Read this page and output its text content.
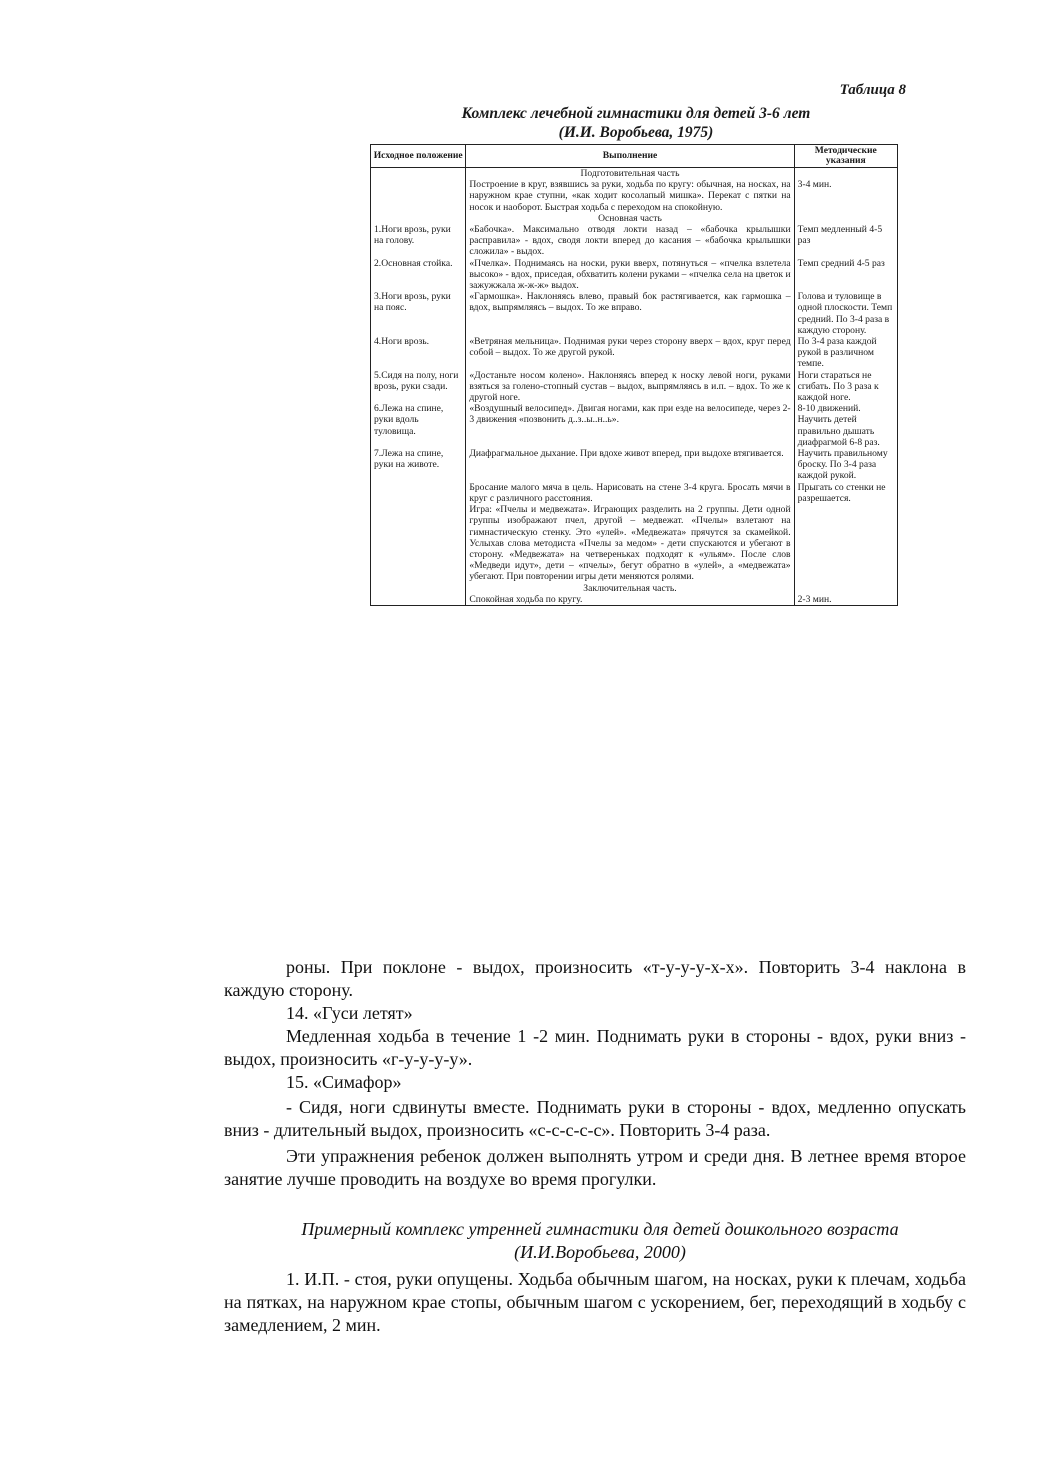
Таблица 8
Комплекс лечебной гимнастики для детей 3-6 лет
(И.И. Воробьева, 1975)
Исходное положение	Выполнение	Методические указания

	Подготовительная часть	

	Построение в круг, взявшись за руки, ходьба по кругу: обычная, на носках, на наружном крае ступни, «как ходит косолапый мишка». Перекат с пятки на носок и наоборот. Быстрая ходьба с переходом на спокойную.	3-4 мин.

	Основная часть	

1.Ноги врозь, руки на голову.	«Бабочка». Максимально отводя локти назад – «бабочка крылышки расправила» - вдох, сводя локти вперед до касания – «бабочка крылышки сложила» - выдох.	Темп медленный 4-5 раз
2.Основная стойка.	«Пчелка». Поднимаясь на носки, руки вверх, потянуться – «пчелка взлетела высоко» - вдох, приседая, обхватить колени руками – «пчелка села на цветок и зажужжала ж-ж-ж» выдох.	Темп средний 4-5 раз
3.Ноги врозь, руки на пояс.	«Гармошка». Наклоняясь влево, правый бок растягивается, как гармошка – вдох, выпрямляясь – выдох. То же вправо.	Голова и туловище в одной плоскости. Темп средний. По 3-4 раза в каждую сторону.
4.Ноги врозь.	«Ветряная мельница». Поднимая руки через сторону вверх – вдох, круг перед собой – выдох. То же другой рукой.	По 3-4 раза каждой рукой в различном темпе.
5.Сидя на полу, ноги врозь, руки сзади.	«Достаньте носом колено». Наклоняясь вперед к носку левой ноги, руками взяться за голено-стопный сустав – выдох, выпрямляясь в и.п. – вдох. То же к другой ноге.	Ноги стараться не сгибать. По 3 раза к каждой ноге.
6.Лежа на спине, руки вдоль туловища.	«Воздушный велосипед». Двигая ногами, как при езде на велосипеде, через 2-3 движения «позвонить д..з..ы..н..ь».	8-10 движений. Научить детей правильно дышать диафрагмой 6-8 раз.
7.Лежа на спине, руки на животе.	Диафрагмальное дыхание. При вдохе живот вперед, при выдохе втягивается.	Научить правильному броску. По 3-4 раза каждой рукой.
	Бросание малого мяча в цель. Нарисовать на стене 3-4 круга. Бросать мячи в круг с различного расстояния.	Прыгать со стенки не разрешается.
	Игра: «Пчелы и медвежата». Играющих разделить на 2 группы. Дети одной группы изображают пчел, другой – медвежат. «Пчелы» взлетают на гимнастическую стенку. Это «улей». «Медвежата» прячутся за скамейкой. Услыхав слова методиста «Пчелы за медом» - дети спускаются и убегают в сторону. «Медвежата» на четвереньках подходят к «ульям». После слов «Медведи идут», дети – «пчелы», бегут обратно в «улей», а «медвежата» убегают. При повторении игры дети меняются ролями.	

	Заключительная часть.	

	Спокойная ходьба по кругу.	2-3 мин.
роны. При поклоне - выдох, произносить «т-у-у-у-х-х». Повторить 3-4 наклона в каждую сторону.
14. «Гуси летят»
Медленная ходьба в течение 1 -2 мин. Поднимать руки в стороны - вдох, руки вниз - выдох, произносить «г-у-у-у-у».
15. «Симафор»
- Сидя, ноги сдвинуты вместе. Поднимать руки в стороны - вдох, медленно опускать вниз - длительный выдох, произносить «с-с-с-с-с». Повторить 3-4 раза.
Эти упражнения ребенок должен выполнять утром и среди дня. В летнее время второе занятие лучше проводить на воздухе во время прогулки.
Примерный комплекс утренней гимнастики для детей дошкольного возраста (И.И.Воробьева, 2000)
1. И.П. - стоя, руки опущены. Ходьба обычным шагом, на носках, руки к плечам, ходьба на пятках, на наружном крае стопы, обычным шагом с ускорением, бег, переходящий в ходьбу с замедлением, 2 мин.
